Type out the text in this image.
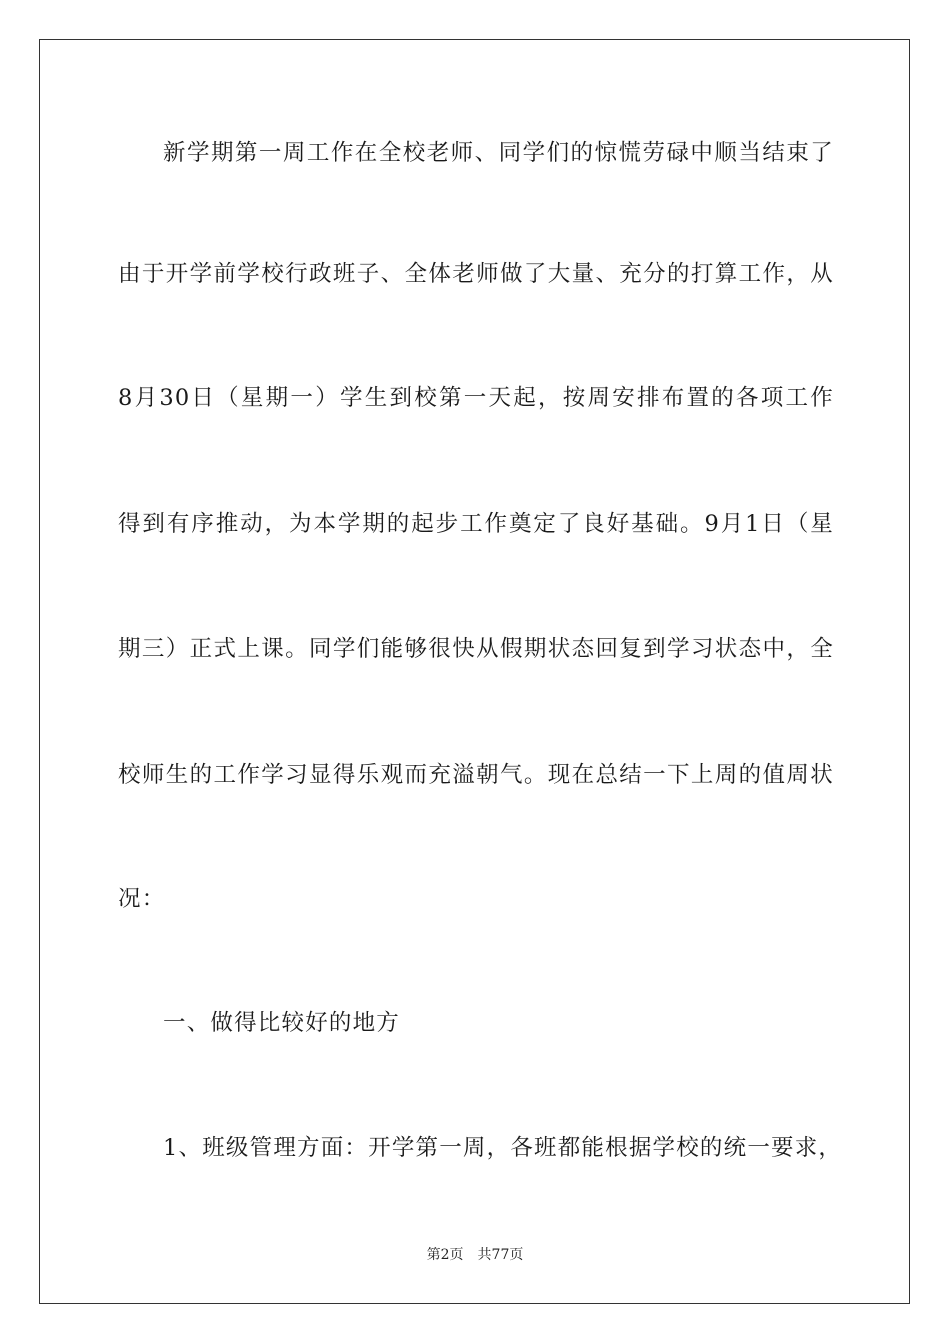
新学期第一周工作在全校老师、同学们的惊慌劳碌中顺当结束了
由于开学前学校行政班子、全体老师做了大量、充分的打算工作，从
8月30日（星期一）学生到校第一天起，按周安排布置的各项工作
得到有序推动，为本学期的起步工作奠定了良好基础。9月1日（星
期三）正式上课。同学们能够很快从假期状态回复到学习状态中，全
校师生的工作学习显得乐观而充溢朝气。现在总结一下上周的值周状
况：
一、做得比较好的地方
1、班级管理方面：开学第一周，各班都能根据学校的统一要求，
第2页 共77页
